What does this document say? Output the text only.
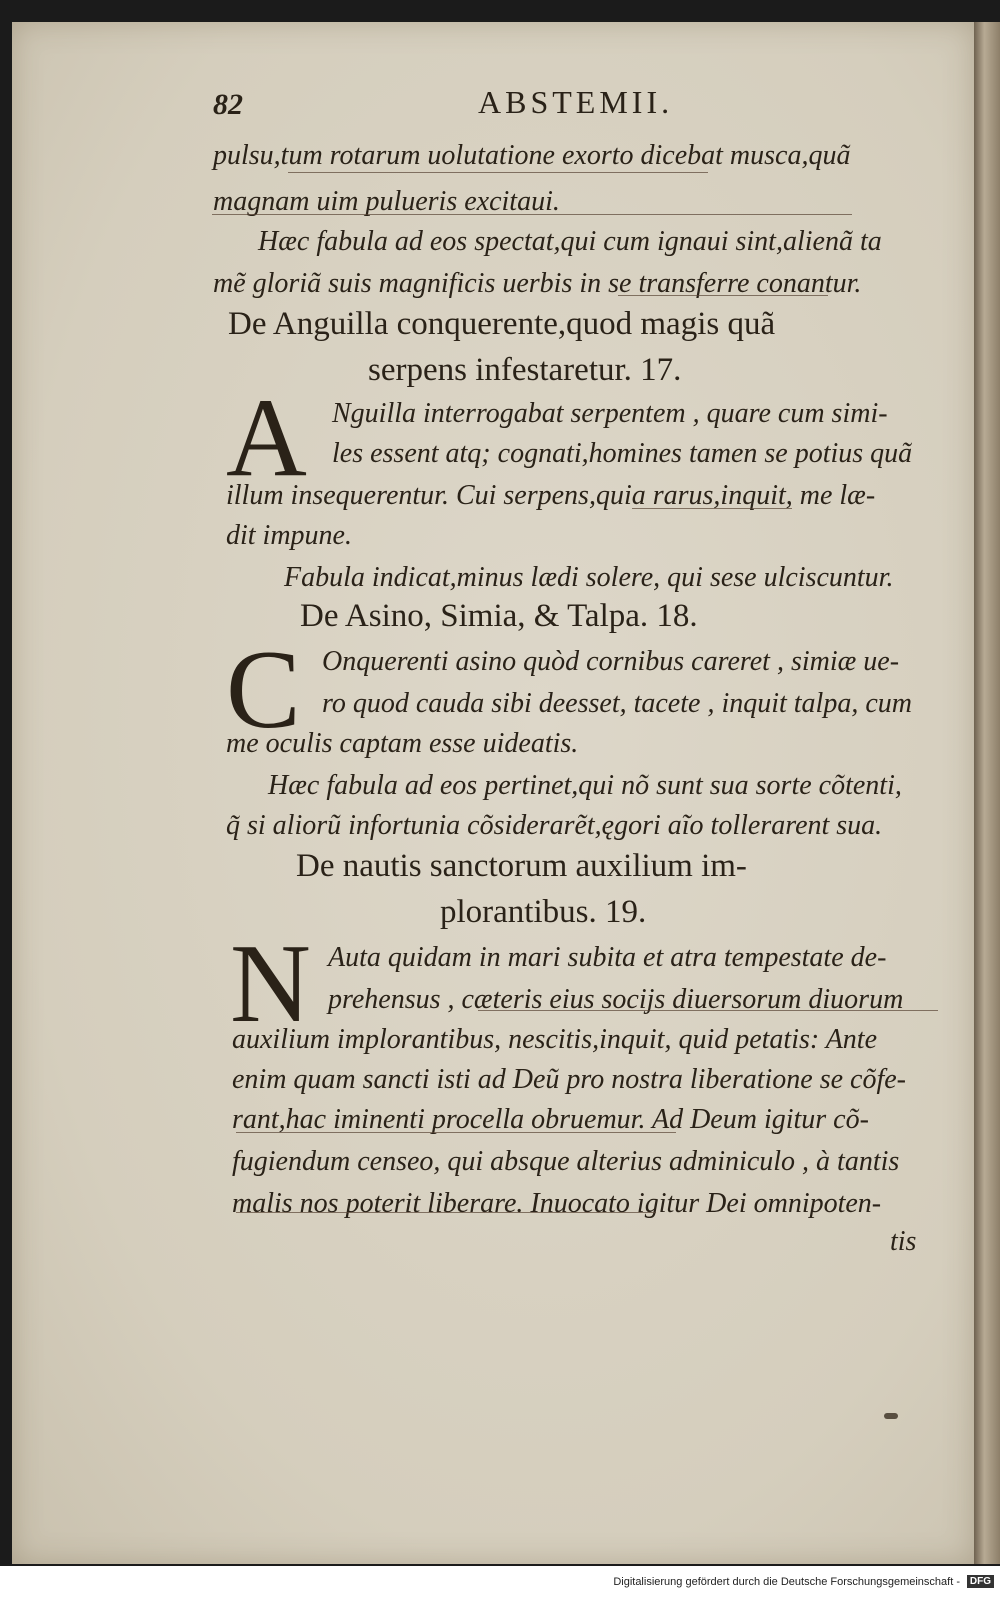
82	ABSTEMII.
pulsu,tum rotarum uolutatione exorto dicebat musca,quã
magnam uim pulueris excitaui.
Hæc fabula ad eos spectat,qui cum ignaui sint,alienã ta
mẽ gloriã suis magnificis uerbis in se transferre conantur.
De Anguilla conquerente,quod magis quã
serpens infestaretur. 17.
A Nguilla interrogabat serpentem , quare cum simi-
les essent atq; cognati,homines tamen se potius quã
illum insequerentur. Cui serpens,quia rarus,inquit, me læ-
dit impune.
Fabula indicat,minus lædi solere, qui sese ulciscuntur.
De Asino, Simia, & Talpa. 18.
C Onquerenti asino quòd cornibus careret , simiæ ue-
ro quod cauda sibi deesset, tacete , inquit talpa, cum
me oculis captam esse uideatis.
Hæc fabula ad eos pertinet,qui nõ sunt sua sorte cõtenti,
q̃ si aliorũ infortunia cõsiderarẽt,ęgori aĩo tollerarent sua.
De nautis sanctorum auxilium im-
plorantibus. 19.
N Auta quidam in mari subita et atra tempestate de-
prehensus , cæteris eius socijs diuersorum diuorum
auxilium implorantibus, nescitis,inquit, quid petatis: Ante
enim quam sancti isti ad Deũ pro nostra liberatione se cõfe-
rant,hac iminenti procella obruemur. Ad Deum igitur cõ-
fugiendum censeo, qui absque alterius adminiculo , à tantis
malis nos poterit liberare. Inuocato igitur Dei omnipoten-
tis
Digitalisierung gefördert durch die Deutsche Forschungsgemeinschaft - DFG
